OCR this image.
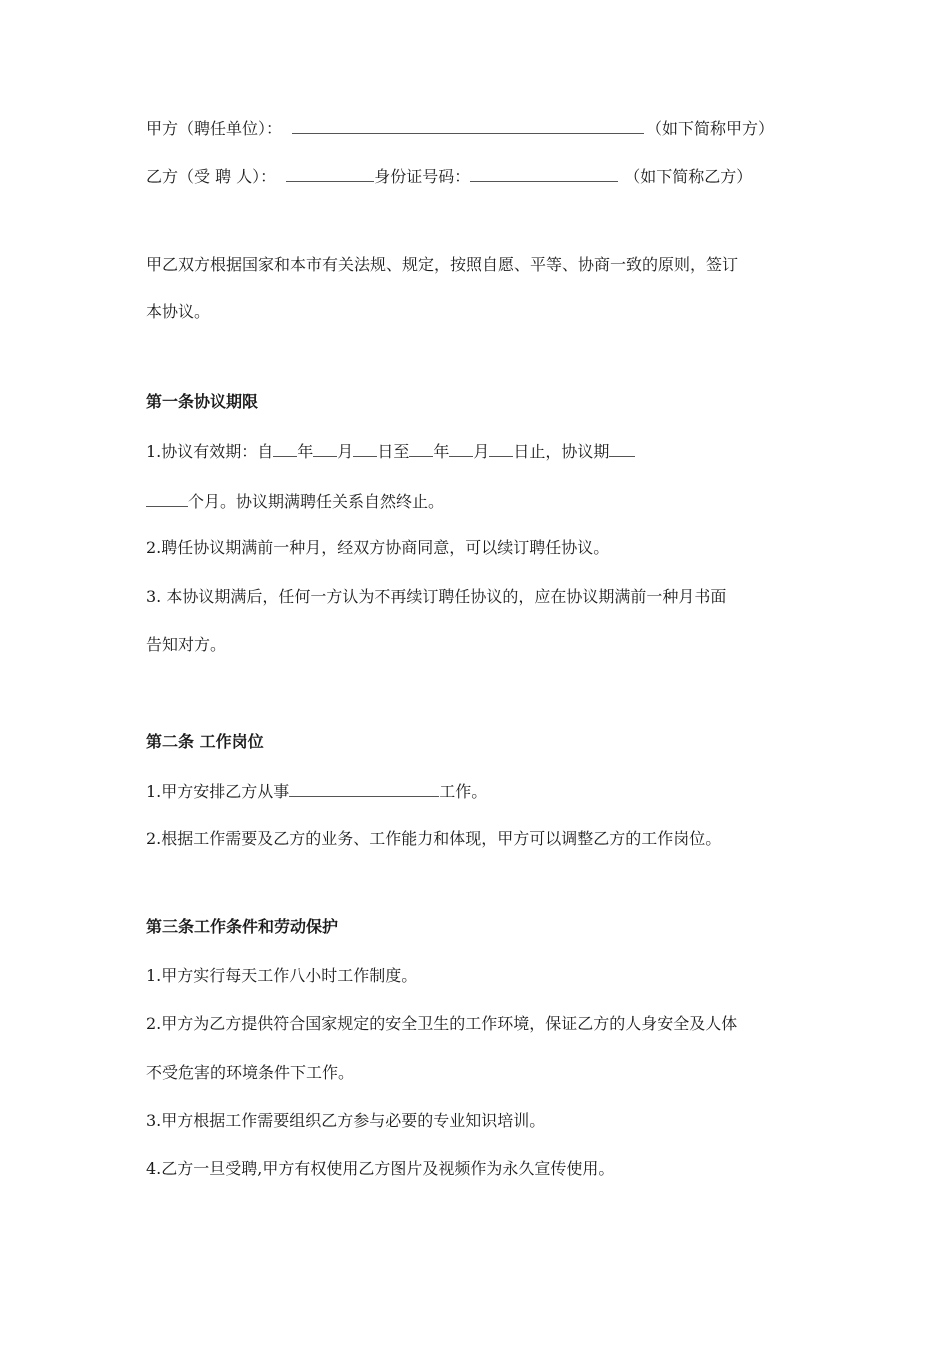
甲方（聘任单位）：	（如下简称甲方）
乙方（受 聘 人）：	身份证号码：	（如下简称乙方）
甲乙双方根据国家和本市有关法规、规定，按照自愿、平等、协商一致的原则，签订
本协议。
第一条协议期限
1.协议有效期：自 年 月 日至 年 月 日止，协议期
个月。协议期满聘任关系自然终止。
2.聘任协议期满前一种月，经双方协商同意，可以续订聘任协议。
3. 本协议期满后，任何一方认为不再续订聘任协议的，应在协议期满前一种月书面
告知对方。
第二条 工作岗位
1.甲方安排乙方从事	工作。
2.根据工作需要及乙方的业务、工作能力和体现，甲方可以调整乙方的工作岗位。
第三条工作条件和劳动保护
1.甲方实行每天工作八小时工作制度。
2.甲方为乙方提供符合国家规定的安全卫生的工作环境，保证乙方的人身安全及人体
不受危害的环境条件下工作。
3.甲方根据工作需要组织乙方参与必要的专业知识培训。
4.乙方一旦受聘,甲方有权使用乙方图片及视频作为永久宣传使用。
